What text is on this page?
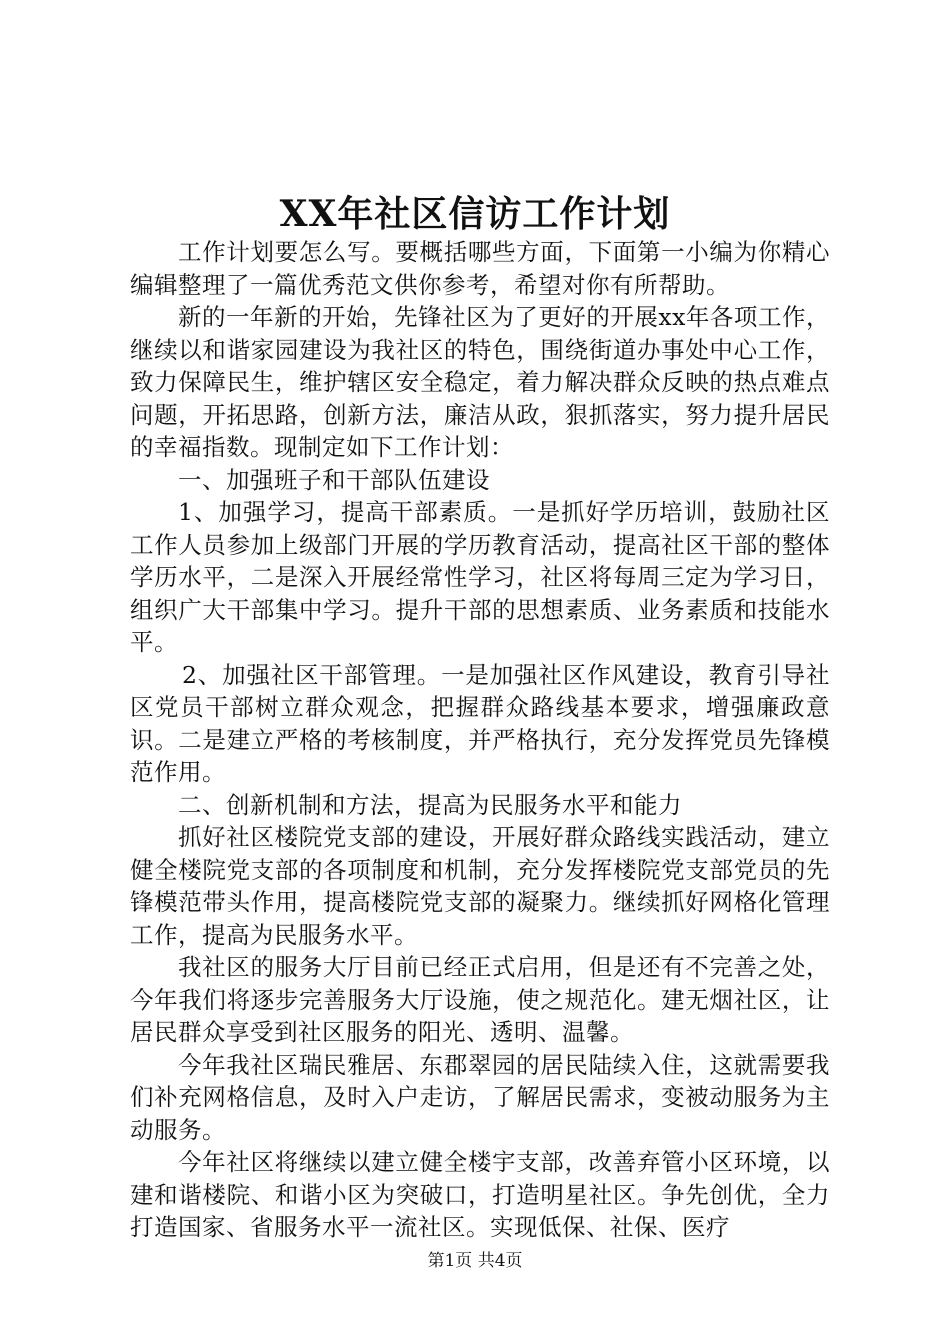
XX年社区信访工作计划

工作计划要怎么写。要概括哪些方面，下面第一小编为你精心编辑整理了一篇优秀范文供你参考，希望对你有所帮助。

新的一年新的开始，先锋社区为了更好的开展xx年各项工作，继续以和谐家园建设为我社区的特色，围绕街道办事处中心工作，致力保障民生，维护辖区安全稳定，着力解决群众反映的热点难点问题，开拓思路，创新方法，廉洁从政，狠抓落实，努力提升居民的幸福指数。现制定如下工作计划：

一、加强班子和干部队伍建设

1、加强学习，提高干部素质。一是抓好学历培训，鼓励社区工作人员参加上级部门开展的学历教育活动，提高社区干部的整体学历水平，二是深入开展经常性学习，社区将每周三定为学习日，组织广大干部集中学习。提升干部的思想素质、业务素质和技能水平。

2、加强社区干部管理。一是加强社区作风建设，教育引导社区党员干部树立群众观念，把握群众路线基本要求，增强廉政意识。二是建立严格的考核制度，并严格执行，充分发挥党员先锋模范作用。

二、创新机制和方法，提高为民服务水平和能力

抓好社区楼院党支部的建设，开展好群众路线实践活动，建立健全楼院党支部的各项制度和机制，充分发挥楼院党支部党员的先锋模范带头作用，提高楼院党支部的凝聚力。继续抓好网格化管理工作，提高为民服务水平。

我社区的服务大厅目前已经正式启用，但是还有不完善之处，今年我们将逐步完善服务大厅设施，使之规范化。建无烟社区，让居民群众享受到社区服务的阳光、透明、温馨。

今年我社区瑞民雅居、东郡翠园的居民陆续入住，这就需要我们补充网格信息，及时入户走访，了解居民需求，变被动服务为主动服务。

今年社区将继续以建立健全楼宇支部，改善弃管小区环境，以建和谐楼院、和谐小区为突破口，打造明星社区。争先创优，全力打造国家、省服务水平一流社区。实现低保、社保、医疗

第1页 共4页
